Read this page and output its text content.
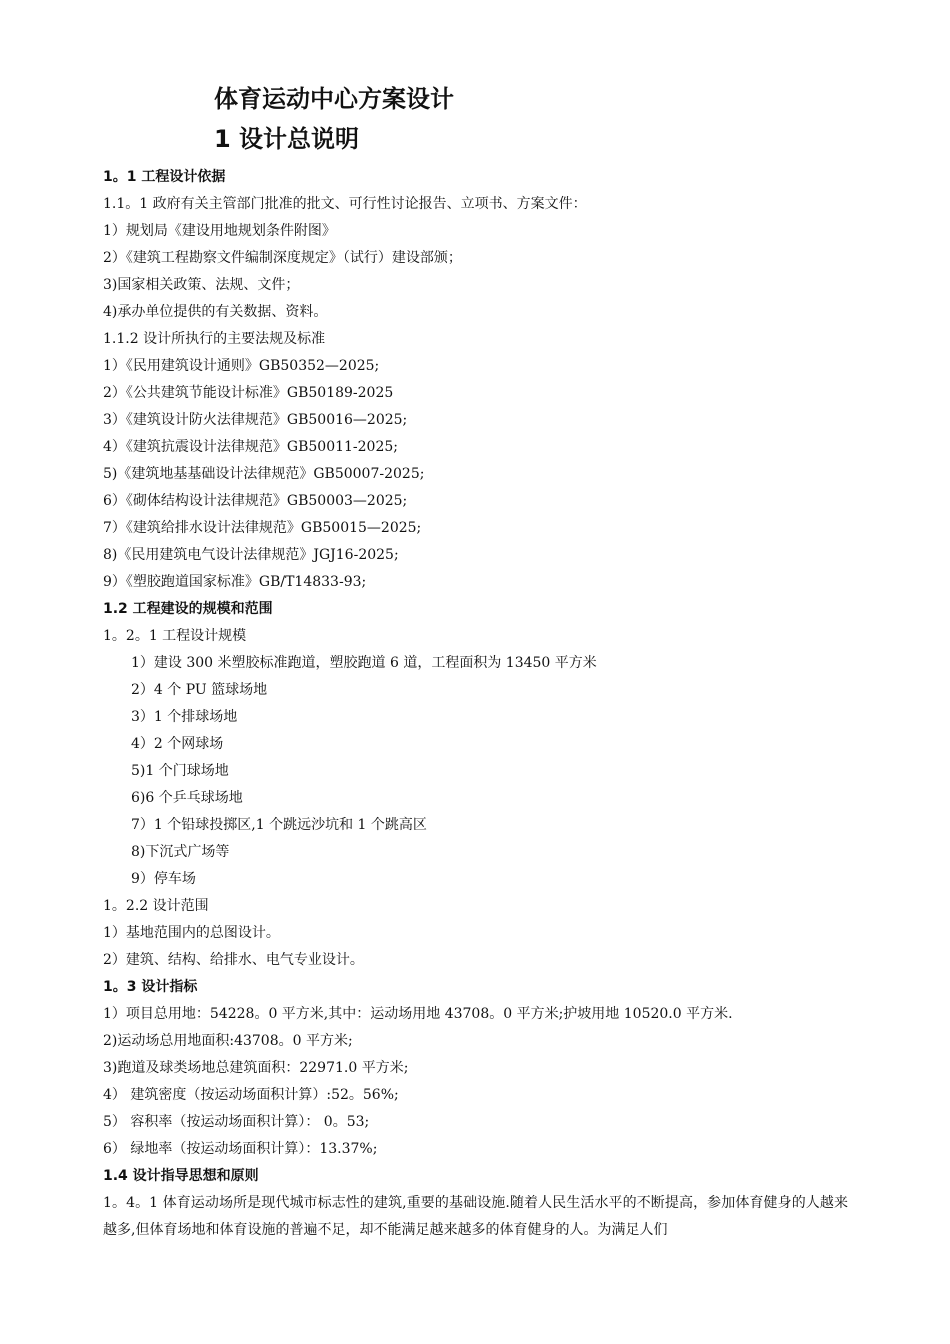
体育运动中心方案设计
1 设计总说明
1。1 工程设计依据
1.1。1 政府有关主管部门批准的批文、可行性讨论报告、立项书、方案文件：
1）规划局《建设用地规划条件附图》
2）《建筑工程勘察文件编制深度规定》（试行）建设部颁；
3)国家相关政策、法规、文件；
4)承办单位提供的有关数据、资料。
1.1.2 设计所执行的主要法规及标准
1）《民用建筑设计通则》GB50352—2025;
2）《公共建筑节能设计标准》GB50189-2025
3）《建筑设计防火法律规范》GB50016—2025;
4）《建筑抗震设计法律规范》GB50011-2025;
5)《建筑地基基础设计法律规范》GB50007-2025;
6）《砌体结构设计法律规范》GB50003—2025;
7）《建筑给排水设计法律规范》GB50015—2025;
8)《民用建筑电气设计法律规范》JGJ16-2025;
9）《塑胶跑道国家标准》GB/T14833-93;
1.2 工程建设的规模和范围
1。2。1 工程设计规模
1）建设 300 米塑胶标准跑道，塑胶跑道 6 道，工程面积为 13450 平方米
2）4 个 PU 篮球场地
3）1 个排球场地
4）2 个网球场
5)1 个门球场地
6)6 个乒乓球场地
7）1 个铅球投掷区,1 个跳远沙坑和 1 个跳高区
8)下沉式广场等
9）停车场
1。2.2 设计范围
1）基地范围内的总图设计。
2）建筑、结构、给排水、电气专业设计。
1。3 设计指标
1）项目总用地：54228。0 平方米,其中：运动场用地 43708。0 平方米;护坡用地 10520.0 平方米.
2)运动场总用地面积:43708。0 平方米;
3)跑道及球类场地总建筑面积：22971.0 平方米;
4） 建筑密度（按运动场面积计算）:52。56%;
5） 容积率（按运动场面积计算）： 0。53;
6） 绿地率（按运动场面积计算）：13.37%;
1.4 设计指导思想和原则
1。4。1 体育运动场所是现代城市标志性的建筑,重要的基础设施.随着人民生活水平的不断提高，参加体育健身的人越来越多,但体育场地和体育设施的普遍不足，却不能满足越来越多的体育健身的人。为满足人们
